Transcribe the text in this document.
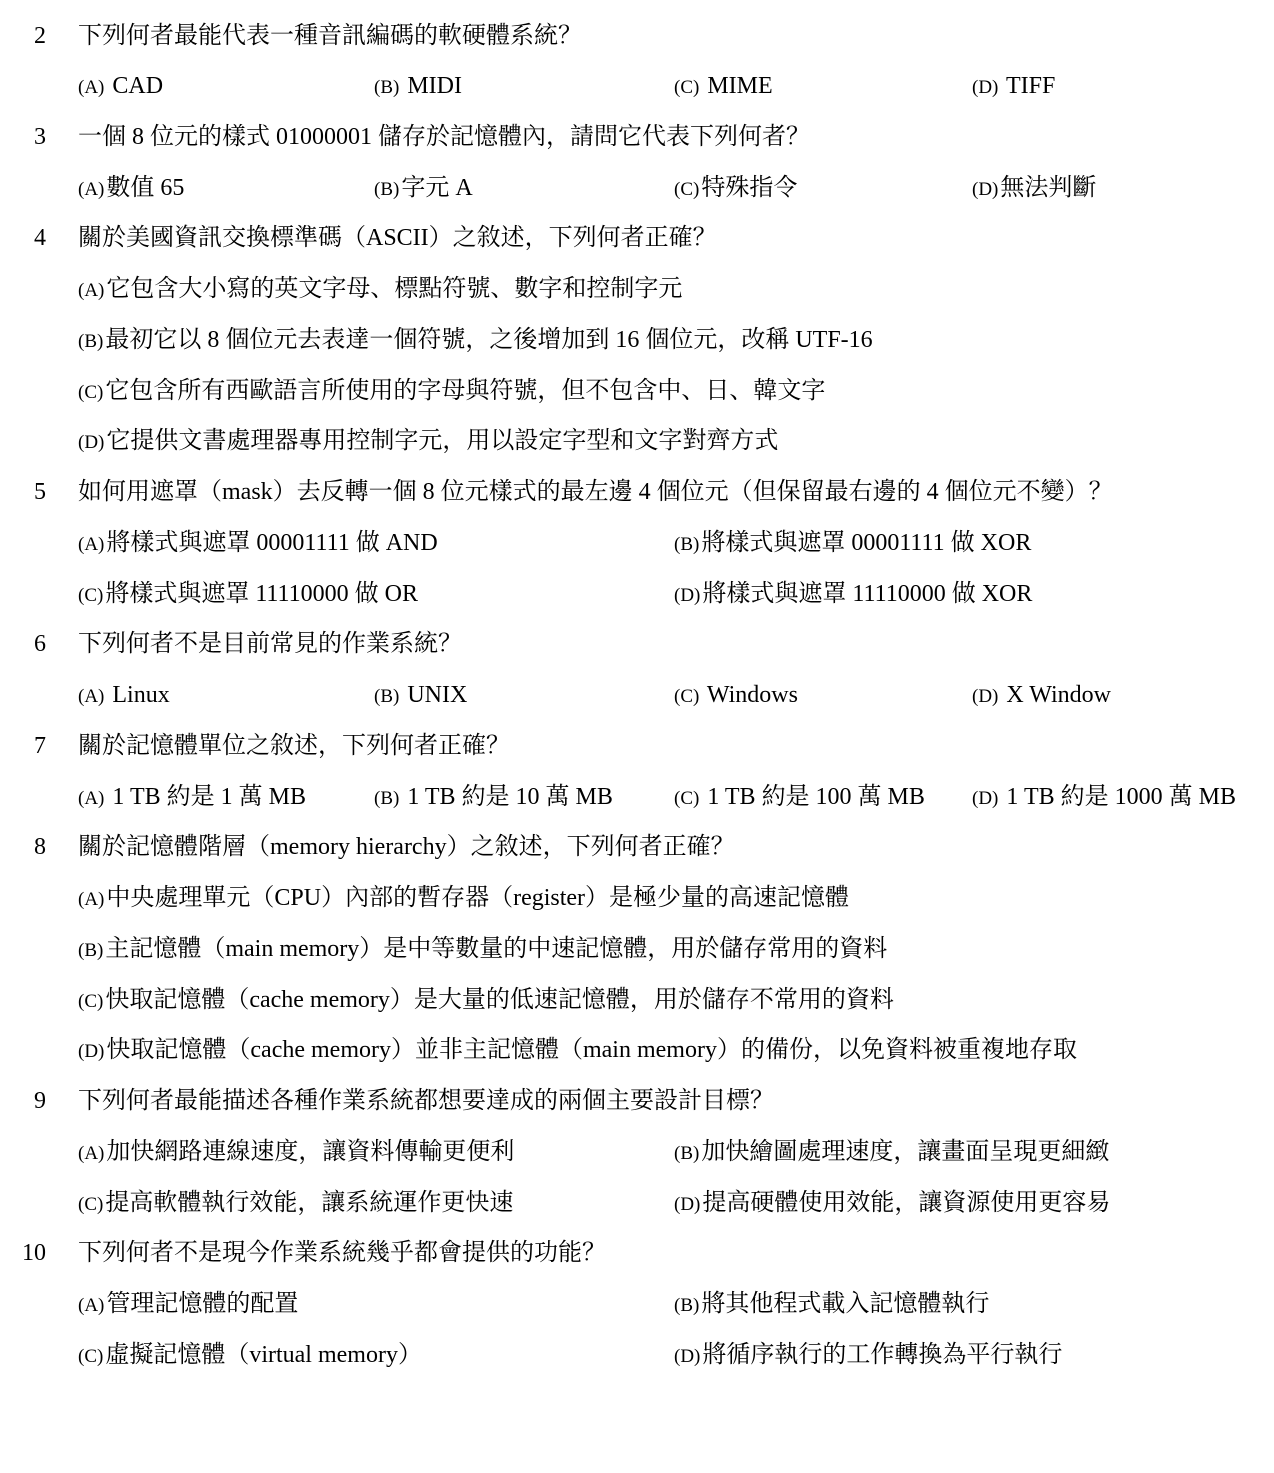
2 下列何者最能代表一種音訊編碼的軟硬體系統？
(A) CAD	(B) MIDI	(C) MIME	(D) TIFF
3 一個 8 位元的樣式 01000001 儲存於記憶體內，請問它代表下列何者？
(A)數值 65	(B)字元 A	(C)特殊指令	(D)無法判斷
4 關於美國資訊交換標準碼（ASCII）之敘述，下列何者正確？
(A)它包含大小寫的英文字母、標點符號、數字和控制字元
(B)最初它以 8 個位元去表達一個符號，之後增加到 16 個位元，改稱 UTF-16
(C)它包含所有西歐語言所使用的字母與符號，但不包含中、日、韓文字
(D)它提供文書處理器專用控制字元，用以設定字型和文字對齊方式
5 如何用遮罩（mask）去反轉一個 8 位元樣式的最左邊 4 個位元（但保留最右邊的 4 個位元不變）？
(A)將樣式與遮罩 00001111 做 AND	(B)將樣式與遮罩 00001111 做 XOR
(C)將樣式與遮罩 11110000 做 OR	(D)將樣式與遮罩 11110000 做 XOR
6 下列何者不是目前常見的作業系統？
(A) Linux	(B) UNIX	(C) Windows	(D) X Window
7 關於記憶體單位之敘述，下列何者正確？
(A) 1 TB 約是 1 萬 MB	(B) 1 TB 約是 10 萬 MB	(C) 1 TB 約是 100 萬 MB (D) 1 TB 約是 1000 萬 MB
8 關於記憶體階層（memory hierarchy）之敘述，下列何者正確？
(A)中央處理單元（CPU）內部的暫存器（register）是極少量的高速記憶體
(B)主記憶體（main memory）是中等數量的中速記憶體，用於儲存常用的資料
(C)快取記憶體（cache memory）是大量的低速記憶體，用於儲存不常用的資料
(D)快取記憶體（cache memory）並非主記憶體（main memory）的備份，以免資料被重複地存取
9 下列何者最能描述各種作業系統都想要達成的兩個主要設計目標？
(A)加快網路連線速度，讓資料傳輸更便利	(B)加快繪圖處理速度，讓畫面呈現更細緻
(C)提高軟體執行效能，讓系統運作更快速	(D)提高硬體使用效能，讓資源使用更容易
10 下列何者不是現今作業系統幾乎都會提供的功能？
(A)管理記憶體的配置	(B)將其他程式載入記憶體執行
(C)虛擬記憶體（virtual memory）	(D)將循序執行的工作轉換為平行執行
